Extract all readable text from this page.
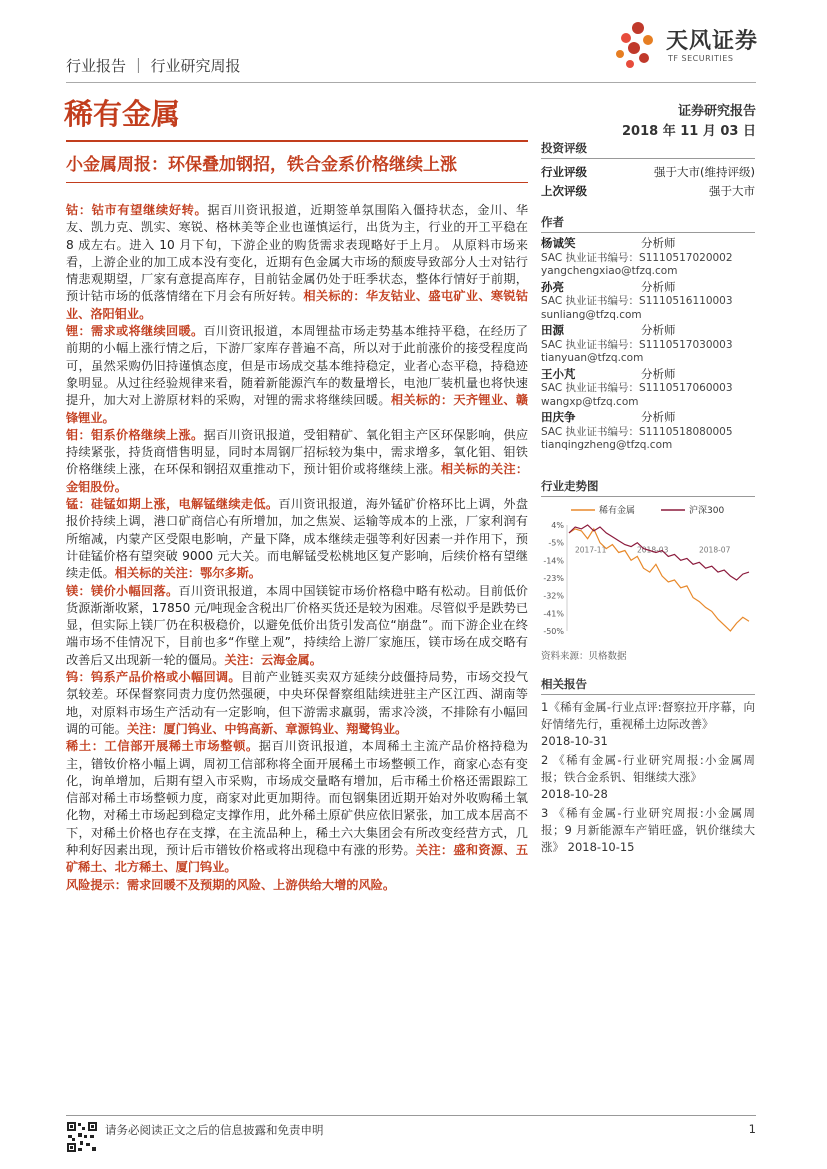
行业报告 ｜ 行业研究周报
天风证券
TF SECURITIES
稀有金属	证券研究报告
2018 年 11 月 03 日
小金属周报：环保叠加钢招，铁合金系价格继续上涨

钴：钴市有望继续好转。据百川资讯报道，近期签单氛围陷入僵持状态，金川、华友、凯力克、凯实、寒锐、格林美等企业也谨慎运行，出货为主，行业的开工平稳在 8 成左右。进入 10 月下旬，下游企业的购货需求表现略好于上月。 从原料市场来看，上游企业的加工成本没有变化，近期有色金属大市场的颓废导致部分人士对钴行情悲观期望，厂家有意提高库存，目前钴金属仍处于旺季状态，整体行情好于前期，预计钴市场的低落情绪在下月会有所好转。相关标的：华友钴业、盛屯矿业、寒锐钴业、洛阳钼业。

锂：需求或将继续回暖。百川资讯报道，本周锂盐市场走势基本维持平稳，在经历了前期的小幅上涨行情之后，下游厂家库存普遍不高，所以对于此前涨价的接受程度尚可，虽然采购仍旧持谨慎态度，但是市场成交基本维持稳定，业者心态平稳，持稳迹象明显。从过往经验规律来看，随着新能源汽车的数量增长，电池厂装机量也将快速提升，加大对上游原材料的采购，对锂的需求将继续回暖。相关标的：天齐锂业、赣锋锂业。

钼：钼系价格继续上涨。据百川资讯报道，受钼精矿、氧化钼主产区环保影响，供应持续紧张，持货商惜售明显，同时本周钢厂招标较为集中，需求增多，氧化钼、钼铁价格继续上涨，在环保和钢招双重推动下，预计钼价或将继续上涨。相关标的关注：金钼股份。

锰：硅锰如期上涨，电解锰继续走低。百川资讯报道，海外锰矿价格环比上调，外盘报价持续上调，港口矿商信心有所增加，加之焦炭、运输等成本的上涨，厂家利润有所缩减，内蒙产区受限电影响，产量下降，成本继续走强等利好因素一并作用下，预计硅锰价格有望突破 9000 元大关。而电解锰受松桃地区复产影响，后续价格有望继续走低。相关标的关注：鄂尔多斯。

镁：镁价小幅回落。百川资讯报道，本周中国镁锭市场价格稳中略有松动。目前低价货源渐渐收紧，17850 元/吨现金含税出厂价格买货还是较为困难。尽管似乎是跌势已显，但实际上镁厂仍在积极稳价，以避免低价出货引发高位“崩盘”。而下游企业在终端市场不佳情况下，目前也多“作壁上观”，持续给上游厂家施压，镁市场在成交略有改善后又出现新一轮的僵局。关注：云海金属。

钨：钨系产品价格或小幅回调。目前产业链买卖双方延续分歧僵持局势，市场交投气氛较差。环保督察同责力度仍然强硬，中央环保督察组陆续进驻主产区江西、湖南等地，对原料市场生产活动有一定影响，但下游需求羸弱，需求冷淡，不排除有小幅回调的可能。关注：厦门钨业、中钨高新、章源钨业、翔鹭钨业。

稀土：工信部开展稀土市场整顿。据百川资讯报道，本周稀土主流产品价格持稳为主，镨钕价格小幅上调，周初工信部称将全面开展稀土市场整顿工作，商家心态有变化，询单增加，后期有望入市采购，市场成交量略有增加，后市稀土价格还需跟踪工信部对稀土市场整顿力度，商家对此更加期待。而包钢集团近期开始对外收购稀土氧化物，对稀土市场起到稳定支撑作用，此外稀土原矿供应依旧紧张，加工成本居高不下，对稀土价格也存在支撑，在主流品种上，稀土六大集团会有所改变经营方式，几种利好因素出现，预计后市镨钕价格或将出现稳中有涨的形势。关注：盛和资源、五矿稀土、北方稀土、厦门钨业。

风险提示：需求回暖不及预期的风险、上游供给大增的风险。

投资评级
行业评级	强于大市(维持评级)
上次评级	强于大市
作者
杨诚笑	分析师
SAC 执业证书编号：S1110517020002
yangchengxiao@tfzq.com
孙亮	分析师
SAC 执业证书编号：S1110516110003
sunliang@tfzq.com
田源	分析师
SAC 执业证书编号：S1110517030003
tianyuan@tfzq.com
王小芃	分析师
SAC 执业证书编号：S1110517060003
wangxp@tfzq.com
田庆争	分析师
SAC 执业证书编号：S1110518080005
tianqingzheng@tfzq.com
行业走势图
稀有金属	沪深300
4%
-5%
-14%
-23%
-32%
-41%
-50%
2017-11	2018-03	2018-07
资料来源：贝格数据
相关报告
1《稀有金属-行业点评:督察拉开序幕，向好情绪先行，重视稀土边际改善》
2018-10-31
2 《稀有金属-行业研究周报:小金属周报；铁合金系钒、钼继续大涨》
2018-10-28
3 《稀有金属-行业研究周报:小金属周报；9 月新能源车产销旺盛，钒价继续大涨》 2018-10-15
请务必阅读正文之后的信息披露和免责申明	1
